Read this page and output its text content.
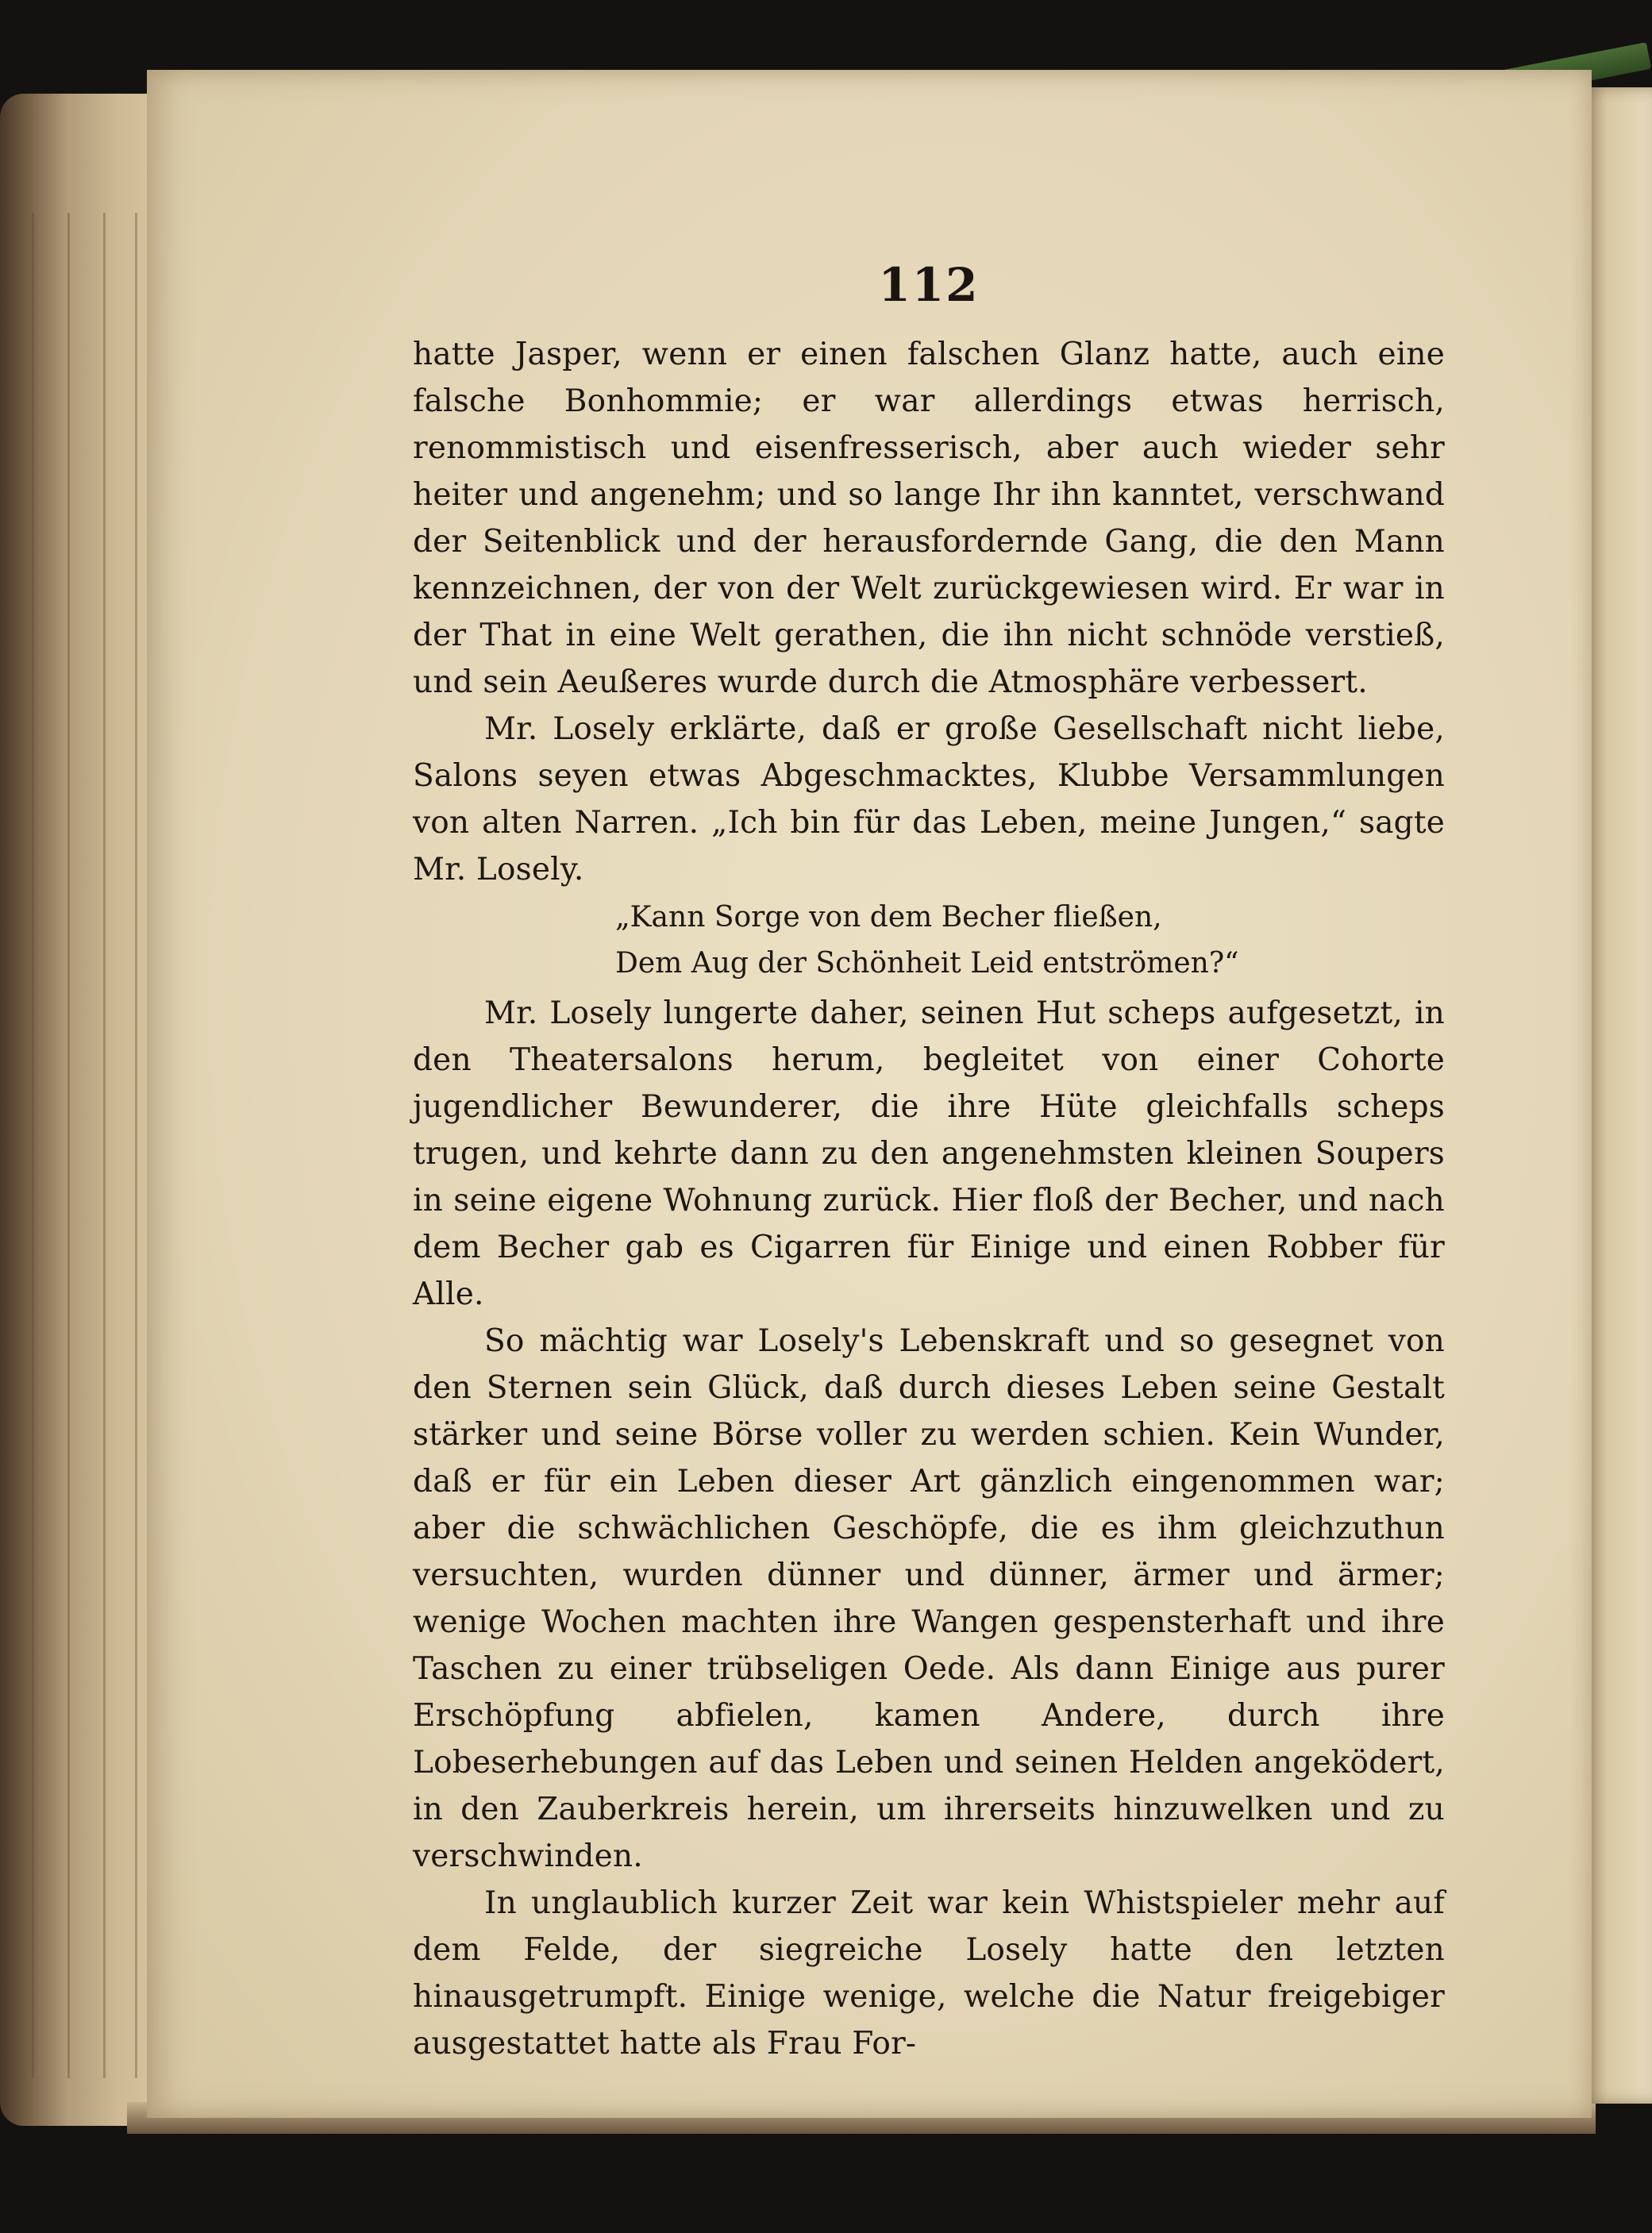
112

hatte Jasper, wenn er einen falschen Glanz hatte, auch eine falsche Bonhommie; er war allerdings etwas herrisch, renommistisch und eisenfresserisch, aber auch wieder sehr heiter und angenehm; und so lange Ihr ihn kanntet, verschwand der Seitenblick und der herausfordernde Gang, die den Mann kennzeichnen, der von der Welt zurückgewiesen wird. Er war in der That in eine Welt gerathen, die ihn nicht schnöde verstieß, und sein Aeußeres wurde durch die Atmosphäre verbessert.

Mr. Losely erklärte, daß er große Gesellschaft nicht liebe, Salons seyen etwas Abgeschmacktes, Klubbe Versammlungen von alten Narren. „Ich bin für das Leben, meine Jungen,“ sagte Mr. Losely.

„Kann Sorge von dem Becher fließen,
Dem Aug der Schönheit Leid entströmen?“

Mr. Losely lungerte daher, seinen Hut scheps aufgesetzt, in den Theatersalons herum, begleitet von einer Cohorte jugendlicher Bewunderer, die ihre Hüte gleichfalls scheps trugen, und kehrte dann zu den angenehmsten kleinen Soupers in seine eigene Wohnung zurück. Hier floß der Becher, und nach dem Becher gab es Cigarren für Einige und einen Robber für Alle.

So mächtig war Losely's Lebenskraft und so gesegnet von den Sternen sein Glück, daß durch dieses Leben seine Gestalt stärker und seine Börse voller zu werden schien. Kein Wunder, daß er für ein Leben dieser Art gänzlich eingenommen war; aber die schwächlichen Geschöpfe, die es ihm gleichzuthun versuchten, wurden dünner und dünner, ärmer und ärmer; wenige Wochen machten ihre Wangen gespensterhaft und ihre Taschen zu einer trübseligen Oede. Als dann Einige aus purer Erschöpfung abfielen, kamen Andere, durch ihre Lobeserhebungen auf das Leben und seinen Helden angeködert, in den Zauberkreis herein, um ihrerseits hinzuwelken und zu verschwinden.

In unglaublich kurzer Zeit war kein Whistspieler mehr auf dem Felde, der siegreiche Losely hatte den letzten hinausgetrumpft. Einige wenige, welche die Natur freigebiger ausgestattet hatte als Frau For-
